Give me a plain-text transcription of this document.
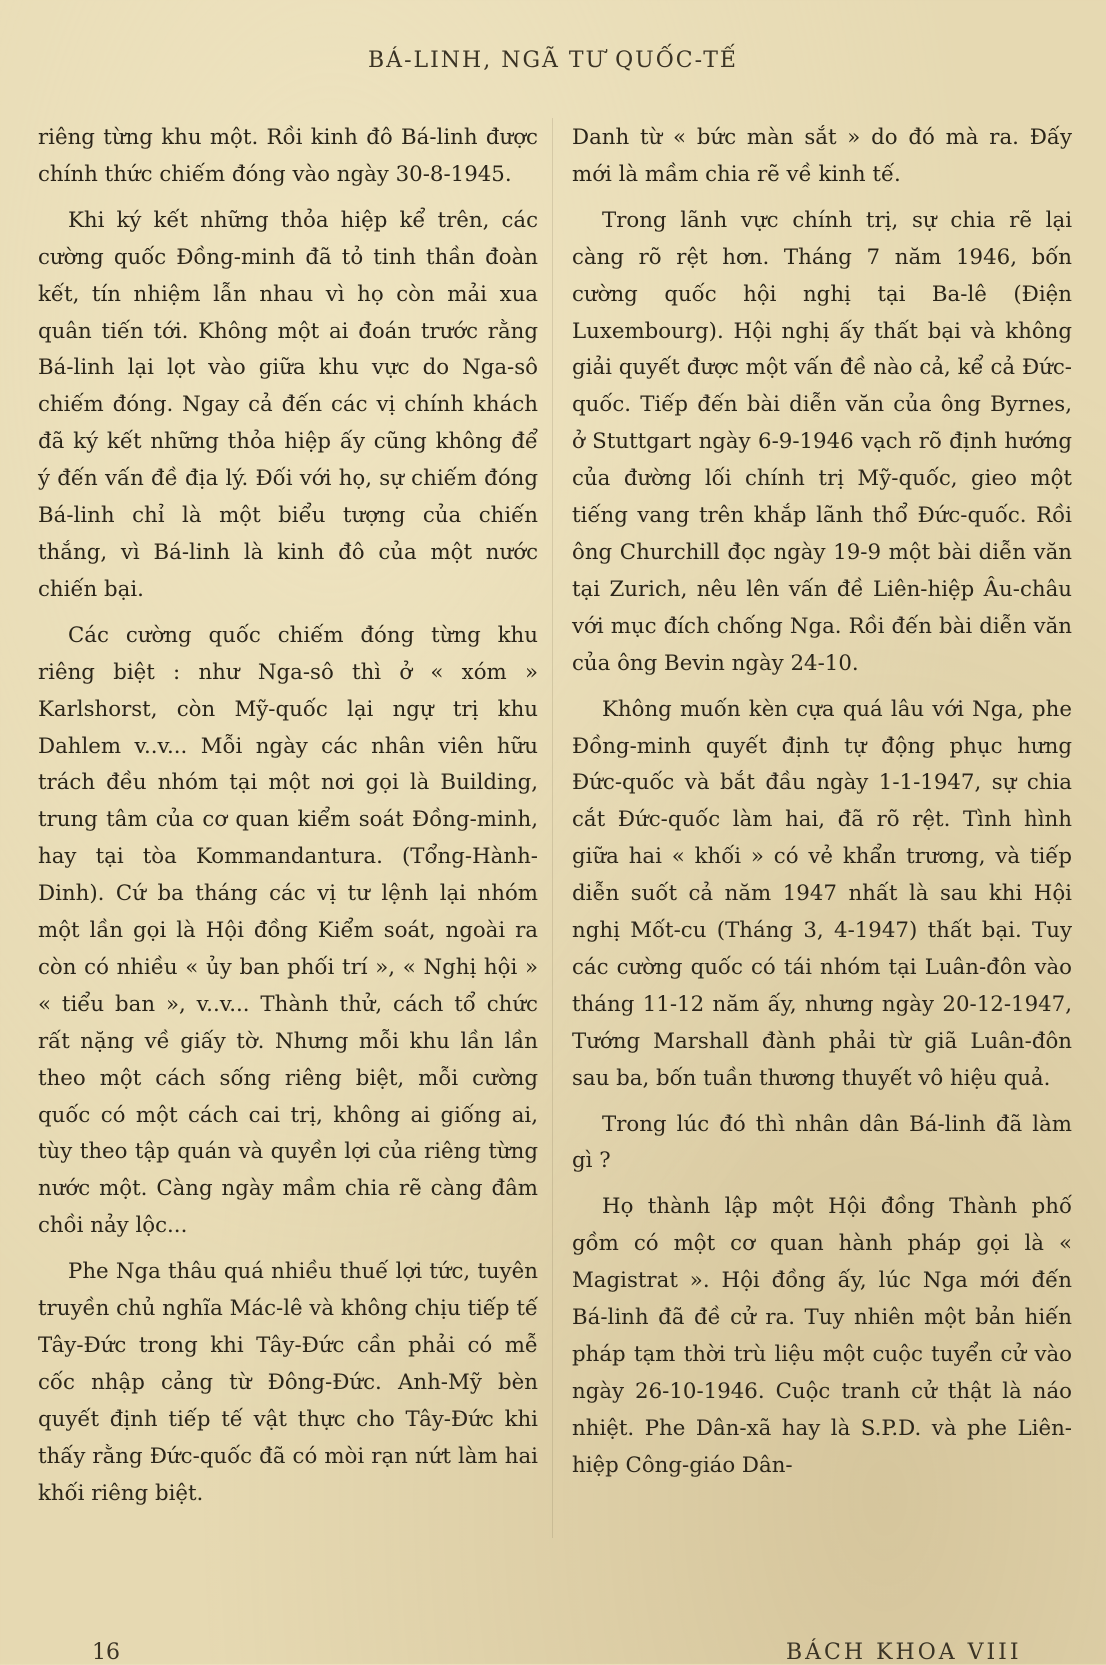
BÁ-LINH, NGÃ TƯ QUỐC-TẾ

riêng từng khu một. Rồi kinh đô Bá-linh được chính thức chiếm đóng vào ngày 30-8-1945.

Khi ký kết những thỏa hiệp kể trên, các cường quốc Đồng-minh đã tỏ tinh thần đoàn kết, tín nhiệm lẫn nhau vì họ còn mải xua quân tiến tới. Không một ai đoán trước rằng Bá-linh lại lọt vào giữa khu vực do Nga-sô chiếm đóng. Ngay cả đến các vị chính khách đã ký kết những thỏa hiệp ấy cũng không để ý đến vấn đề địa lý. Đối với họ, sự chiếm đóng Bá-linh chỉ là một biểu tượng của chiến thắng, vì Bá-linh là kinh đô của một nước chiến bại.

Các cường quốc chiếm đóng từng khu riêng biệt : như Nga-sô thì ở « xóm » Karlshorst, còn Mỹ-quốc lại ngự trị khu Dahlem v..v... Mỗi ngày các nhân viên hữu trách đều nhóm tại một nơi gọi là Building, trung tâm của cơ quan kiểm soát Đồng-minh, hay tại tòa Kommandantura. (Tổng-Hành-Dinh). Cứ ba tháng các vị tư lệnh lại nhóm một lần gọi là Hội đồng Kiểm soát, ngoài ra còn có nhiều « ủy ban phối trí », « Nghị hội » « tiểu ban », v..v... Thành thử, cách tổ chức rất nặng về giấy tờ. Nhưng mỗi khu lần lần theo một cách sống riêng biệt, mỗi cường quốc có một cách cai trị, không ai giống ai, tùy theo tập quán và quyền lợi của riêng từng nước một. Càng ngày mầm chia rẽ càng đâm chồi nảy lộc...

Phe Nga thâu quá nhiều thuế lợi tức, tuyên truyền chủ nghĩa Mác-lê và không chịu tiếp tế Tây-Đức trong khi Tây-Đức cần phải có mễ cốc nhập cảng từ Đông-Đức. Anh-Mỹ bèn quyết định tiếp tế vật thực cho Tây-Đức khi thấy rằng Đức-quốc đã có mòi rạn nứt làm hai khối riêng biệt.

Danh từ « bức màn sắt » do đó mà ra. Đấy mới là mầm chia rẽ về kinh tế.

Trong lãnh vực chính trị, sự chia rẽ lại càng rõ rệt hơn. Tháng 7 năm 1946, bốn cường quốc hội nghị tại Ba-lê (Điện Luxembourg). Hội nghị ấy thất bại và không giải quyết được một vấn đề nào cả, kể cả Đức-quốc. Tiếp đến bài diễn văn của ông Byrnes, ở Stuttgart ngày 6-9-1946 vạch rõ định hướng của đường lối chính trị Mỹ-quốc, gieo một tiếng vang trên khắp lãnh thổ Đức-quốc. Rồi ông Churchill đọc ngày 19-9 một bài diễn văn tại Zurich, nêu lên vấn đề Liên-hiệp Âu-châu với mục đích chống Nga. Rồi đến bài diễn văn của ông Bevin ngày 24-10.

Không muốn kèn cựa quá lâu với Nga, phe Đồng-minh quyết định tự động phục hưng Đức-quốc và bắt đầu ngày 1-1-1947, sự chia cắt Đức-quốc làm hai, đã rõ rệt. Tình hình giữa hai « khối » có vẻ khẩn trương, và tiếp diễn suốt cả năm 1947 nhất là sau khi Hội nghị Mốt-cu (Tháng 3, 4-1947) thất bại. Tuy các cường quốc có tái nhóm tại Luân-đôn vào tháng 11-12 năm ấy, nhưng ngày 20-12-1947, Tướng Marshall đành phải từ giã Luân-đôn sau ba, bốn tuần thương thuyết vô hiệu quả.

Trong lúc đó thì nhân dân Bá-linh đã làm gì ?

Họ thành lập một Hội đồng Thành phố gồm có một cơ quan hành pháp gọi là « Magistrat ». Hội đồng ấy, lúc Nga mới đến Bá-linh đã đề cử ra. Tuy nhiên một bản hiến pháp tạm thời trù liệu một cuộc tuyển cử vào ngày 26-10-1946. Cuộc tranh cử thật là náo nhiệt. Phe Dân-xã hay là S.P.D. và phe Liên-hiệp Công-giáo Dân-

16	BÁCH KHOA VIII
